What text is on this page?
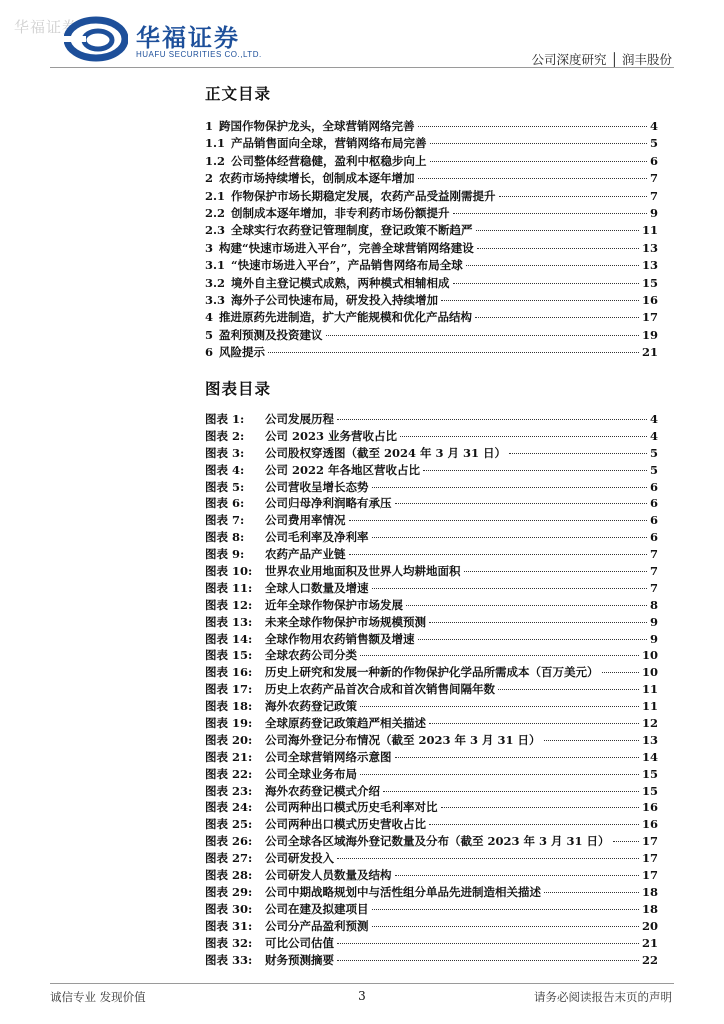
华福证券 华福证券
HUAFU SECURITIES CO.,LTD.	公司深度研究 │ 润丰股份
正文目录
1 跨国作物保护龙头，全球营销网络完善	4
1.1 产品销售面向全球，营销网络布局完善	5
1.2 公司整体经营稳健，盈利中枢稳步向上	6
2 农药市场持续增长，创制成本逐年增加	7
2.1 作物保护市场长期稳定发展，农药产品受益刚需提升	7
2.2 创制成本逐年增加，非专利药市场份额提升	9
2.3 全球实行农药登记管理制度，登记政策不断趋严	11
3 构建“快速市场进入平台”，完善全球营销网络建设	13
3.1 “快速市场进入平台”，产品销售网络布局全球	13
3.2 境外自主登记模式成熟，两种模式相辅相成	15
3.3 海外子公司快速布局，研发投入持续增加	16
4 推进原药先进制造，扩大产能规模和优化产品结构	17
5 盈利预测及投资建议	19
6 风险提示	21
图表目录
图表 1:	公司发展历程	4
图表 2:	公司 2023 业务营收占比	4
图表 3:	公司股权穿透图（截至 2024 年 3 月 31 日）	5
图表 4:	公司 2022 年各地区营收占比	5
图表 5:	公司营收呈增长态势	6
图表 6:	公司归母净利润略有承压	6
图表 7:	公司费用率情况	6
图表 8:	公司毛利率及净利率	6
图表 9:	农药产品产业链	7
图表 10:	世界农业用地面积及世界人均耕地面积	7
图表 11:	全球人口数量及增速	7
图表 12:	近年全球作物保护市场发展	8
图表 13:	未来全球作物保护市场规模预测	9
图表 14:	全球作物用农药销售额及增速	9
图表 15:	全球农药公司分类	10
图表 16:	历史上研究和发展一种新的作物保护化学品所需成本（百万美元）	10
图表 17:	历史上农药产品首次合成和首次销售间隔年数	11
图表 18:	海外农药登记政策	11
图表 19:	全球原药登记政策趋严相关描述	12
图表 20:	公司海外登记分布情况（截至 2023 年 3 月 31 日）	13
图表 21:	公司全球营销网络示意图	14
图表 22:	公司全球业务布局	15
图表 23:	海外农药登记模式介绍	15
图表 24:	公司两种出口模式历史毛利率对比	16
图表 25:	公司两种出口模式历史营收占比	16
图表 26:	公司全球各区域海外登记数量及分布（截至 2023 年 3 月 31 日）	17
图表 27:	公司研发投入	17
图表 28:	公司研发人员数量及结构	17
图表 29:	公司中期战略规划中与活性组分单品先进制造相关描述	18
图表 30:	公司在建及拟建项目	18
图表 31:	公司分产品盈利预测	20
图表 32:	可比公司估值	21
图表 33:	财务预测摘要	22
诚信专业 发现价值	3	请务必阅读报告末页的声明
